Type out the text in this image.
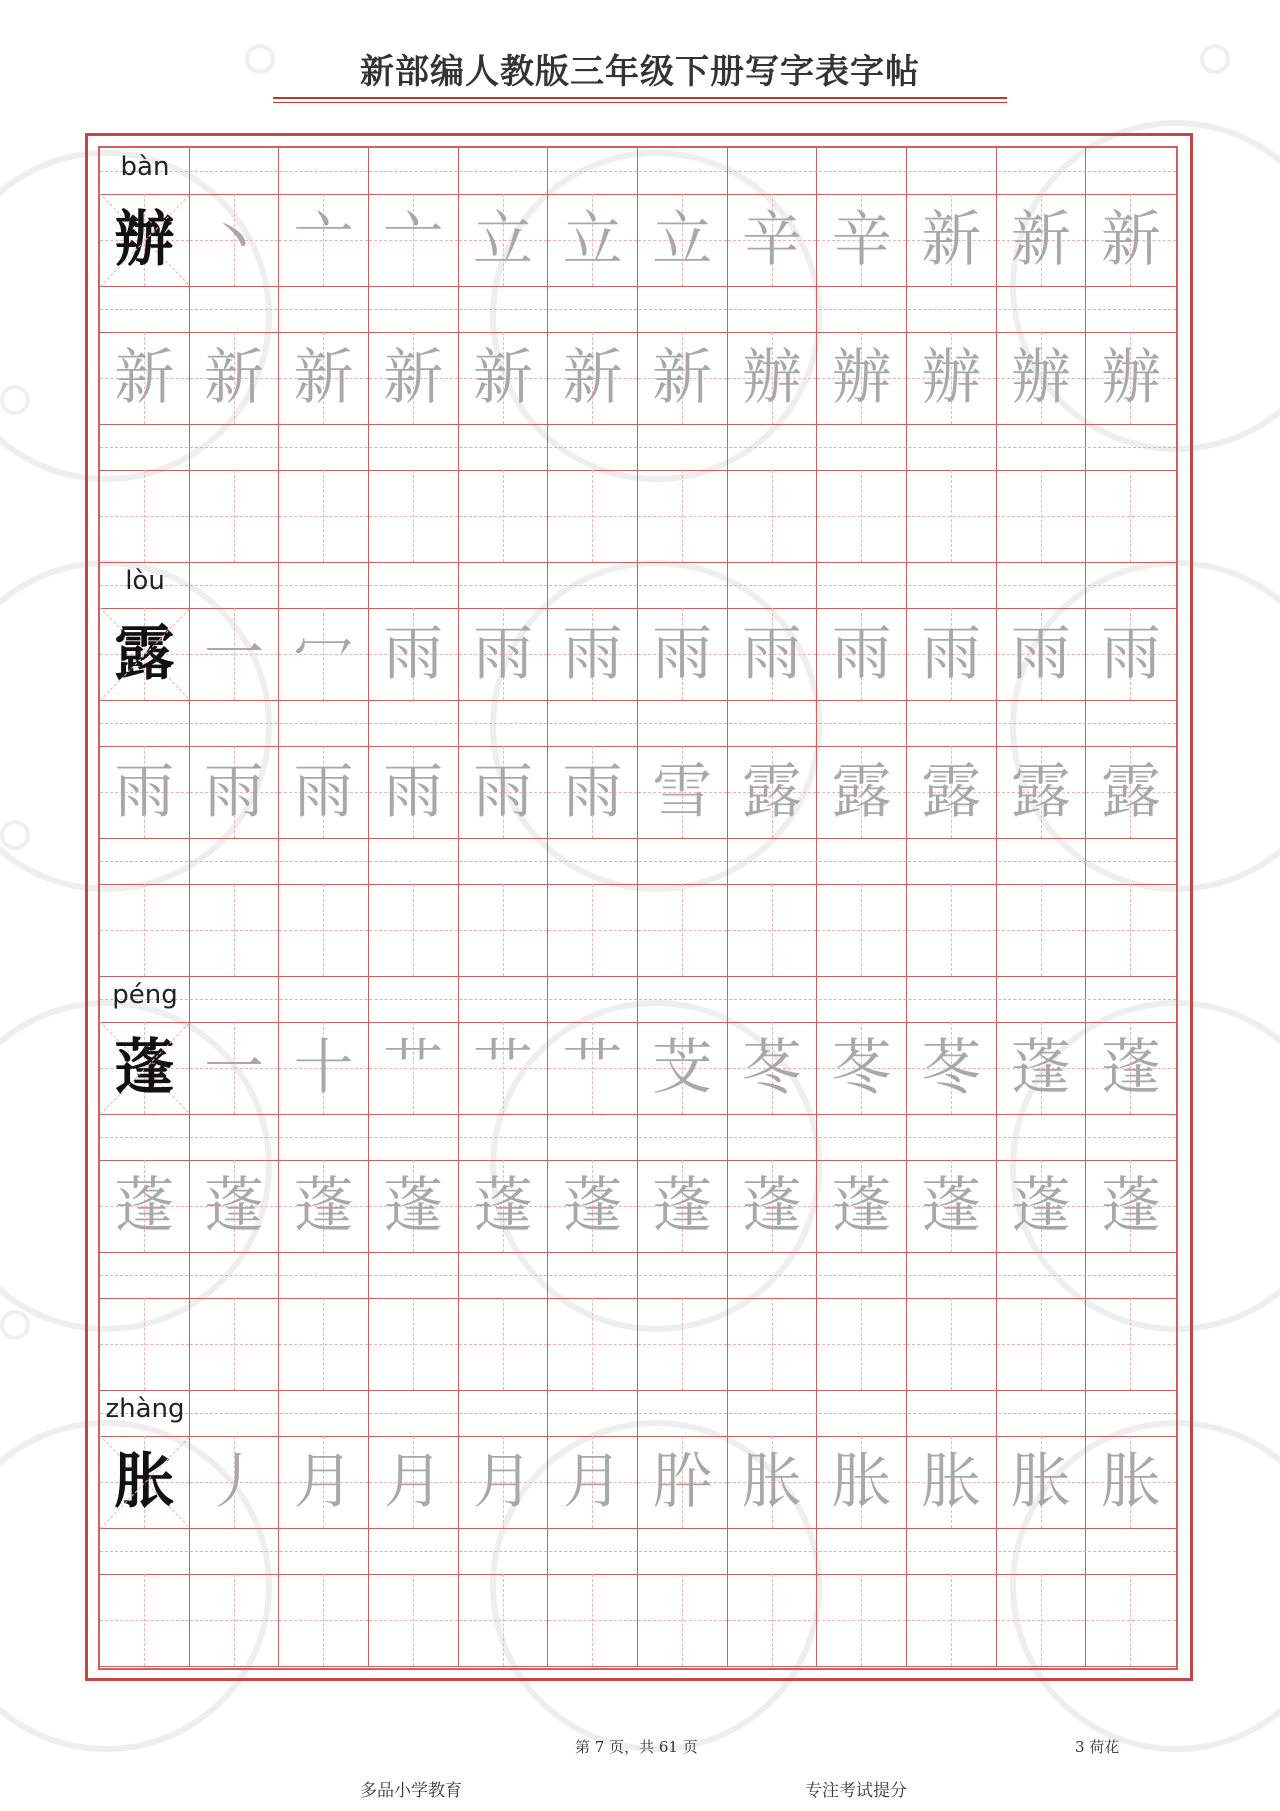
新部编人教版三年级下册写字表字帖
bàn
辦 丶 亠 亠 立 立 立 辛 辛 新 新 新
新 新 新 新 新 新 新 辦 辦 辦 辦 辦
lòu
露 一 冖 雨 雨 雨 雨 雨 雨 雨 雨 雨
雨 雨 雨 雨 雨 雨 雪 露 露 露 露 露
péng
蓬 一 十 艹 艹 艹 芠 苳 苳 苳 蓬 蓬
蓬 蓬 蓬 蓬 蓬 蓬 蓬 蓬 蓬 蓬 蓬 蓬
zhàng
胀 丿 月 月 月 月 肸 胀 胀 胀 胀 胀
第 7 页，共 61 页	3 荷花
多品小学教育	专注考试提分
